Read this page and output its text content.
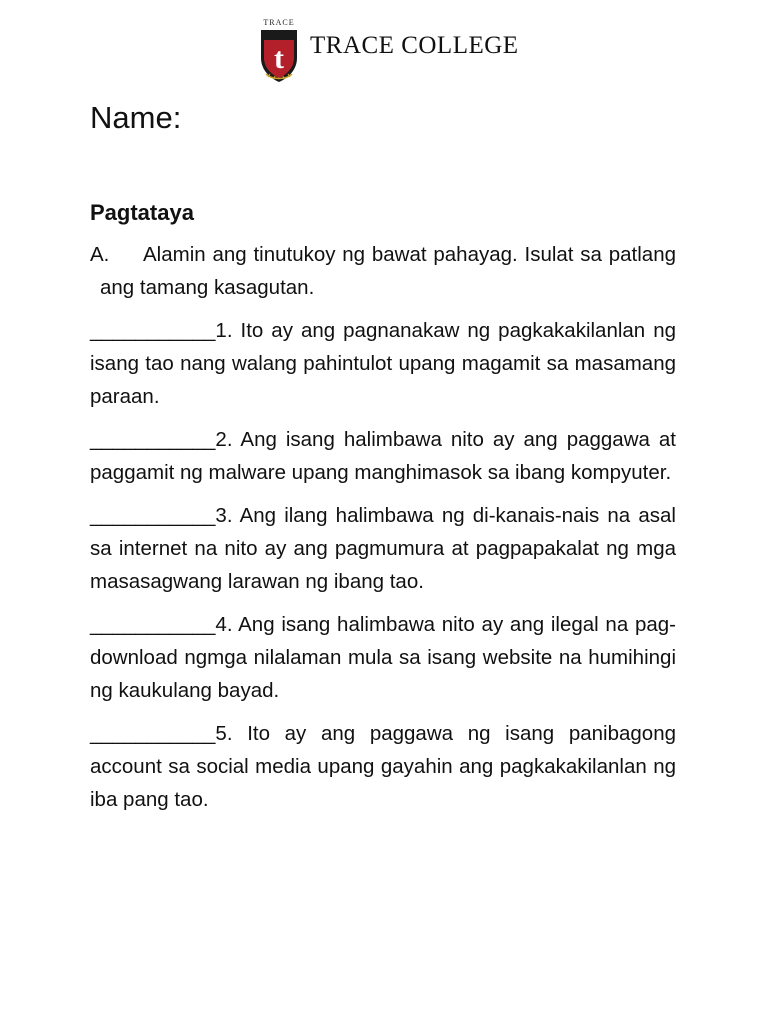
TRACE
t TRACE COLLEGE
Name:
Pagtataya

A. Alamin ang tinutukoy ng bawat pahayag. Isulat sa patlang ang tamang kasagutan.

___________1. Ito ay ang pagnanakaw ng pagkakakilanlan ng isang tao nang walang pahintulot upang magamit sa masamang paraan.

___________2. Ang isang halimbawa nito ay ang paggawa at paggamit ng malware upang manghimasok sa ibang kompyuter.

___________3. Ang ilang halimbawa ng di-kanais-nais na asal sa internet na nito ay ang pagmumura at pagpapakalat ng mga masasagwang larawan ng ibang tao.

___________4. Ang isang halimbawa nito ay ang ilegal na pag-download ngmga nilalaman mula sa isang website na humihingi ng kaukulang bayad.

___________5. Ito ay ang paggawa ng isang panibagong account sa social media upang gayahin ang pagkakakilanlan ng iba pang tao.
